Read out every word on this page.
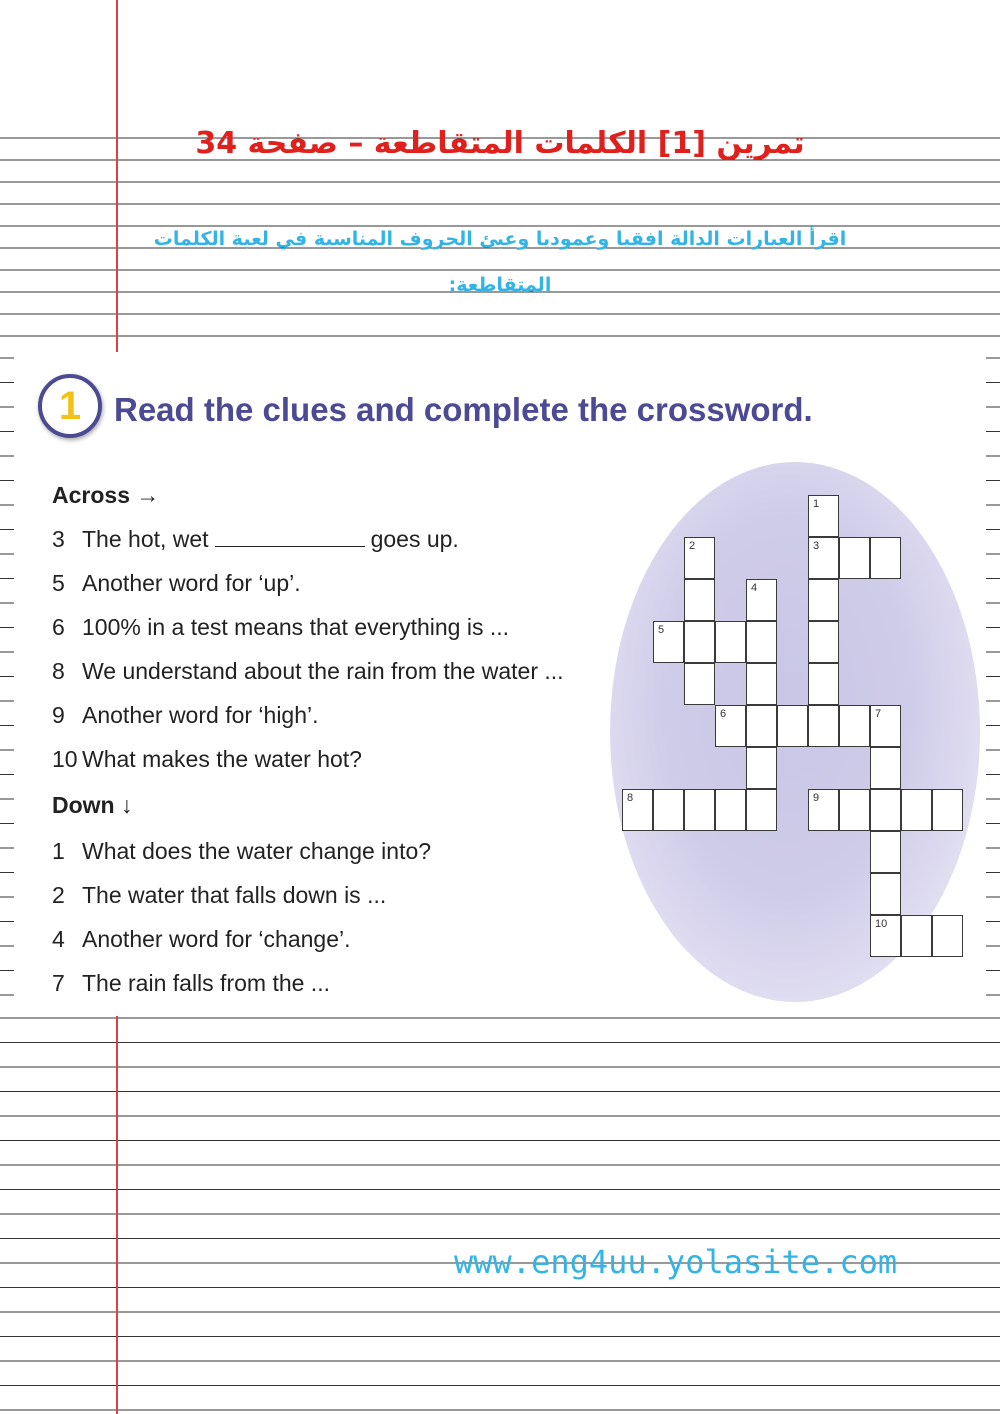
تمرين [1] الكلمات المتقاطعة – صفحة 34
اقرأ العبارات الدالة افقيا وعموديا وعبئ الحروف المناسبة في لعبة الكلمات المتقاطعة:
1 Read the clues and complete the crossword.
Across →
3 The hot, wet	goes up.
5 Another word for ‘up’.
6 100% in a test means that everything is ...
8 We understand about the rain from the water ...
9 Another word for ‘high’.
10 What makes the water hot?
Down ↓
1 What does the water change into?
2 The water that falls down is ...
4 Another word for ‘change’.
7 The rain falls from the ...
1
2	3
4
5
6	7
8	9
10
www.eng4uu.yolasite.com
